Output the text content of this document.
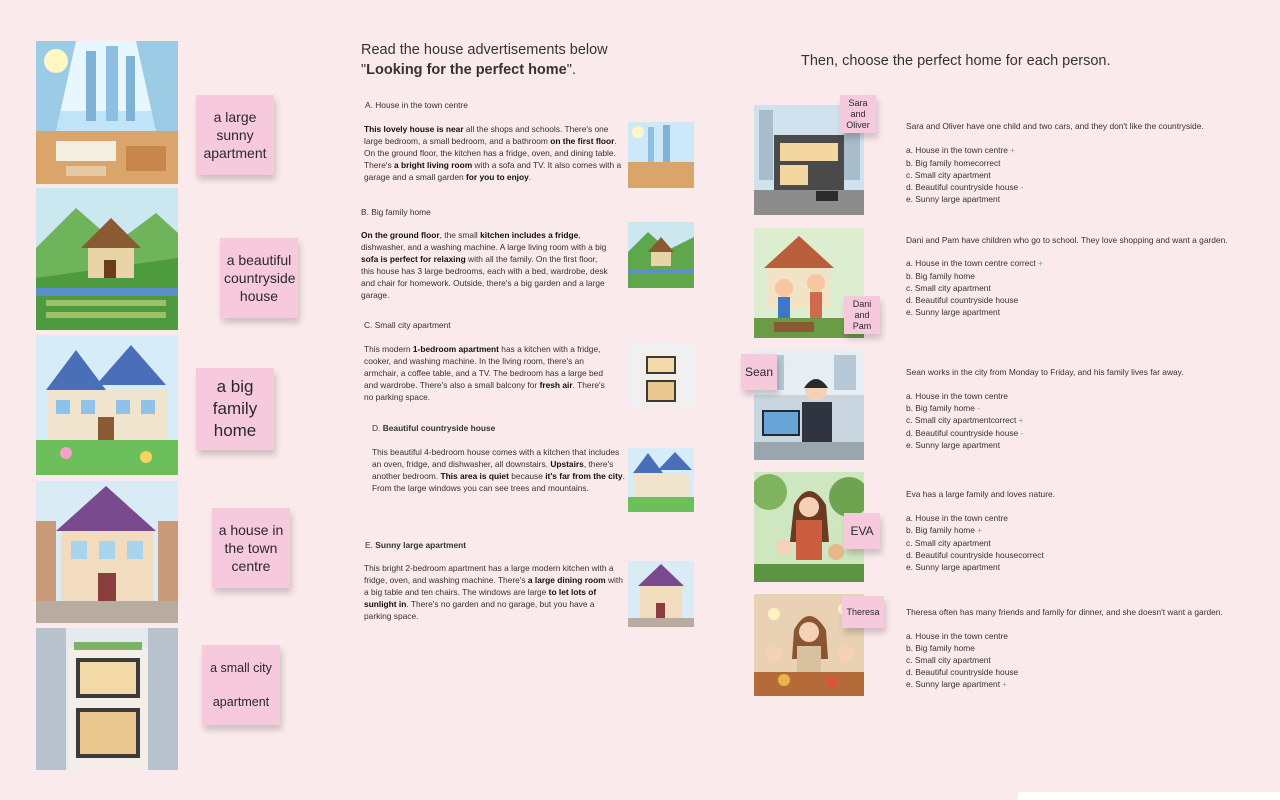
a large sunny apartment
a beautiful countryside house
a big family home
a house in the town centre
a small city
apartment
Read the house advertisements below
"Looking for the perfect home".
A. House in the town centre
This lovely house is near all the shops and schools. There's one large bedroom, a small bedroom, and a bathroom on the first floor. On the ground floor, the kitchen has a fridge, oven, and dining table. There's a bright living room with a sofa and TV. It also comes with a garage and a small garden for you to enjoy.
B. Big family home
On the ground floor, the small kitchen includes a fridge, dishwasher, and a washing machine. A large living room with a big sofa is perfect for relaxing with all the family. On the first floor, this house has 3 large bedrooms, each with a bed, wardrobe, desk and chair for homework. Outside, there's a big garden and a large garage.
C. Small city apartment
This modern 1-bedroom apartment has a kitchen with a fridge, cooker, and washing machine. In the living room, there's an armchair, a coffee table, and a TV. The bedroom has a large bed and wardrobe. There's also a small balcony for fresh air. There's no parking space.
D. Beautiful countryside house
This beautiful 4-bedroom house comes with a kitchen that includes an oven, fridge, and dishwasher, all downstairs. Upstairs, there's another bedroom. This area is quiet because it's far from the city. From the large windows you can see trees and mountains.
E. Sunny large apartment
This bright 2-bedroom apartment has a large modern kitchen with a fridge, oven, and washing machine. There's a large dining room with a big table and ten chairs. The windows are large to let lots of sunlight in. There's no garden and no garage, but you have a parking space.
Then, choose the perfect home for each person.
Sara and Oliver	Sara and Oliver have one child and two cars, and they don't like the countryside.
a. House in the town centre +
b. Big family homecorrect
c. Small city apartment
d. Beautiful countryside house -
e. Sunny large apartment
Dani and Pam
Dani and Pam have children who go to school. They love shopping and want a garden.
a. House in the town centre correct +
b. Big family home
c. Small city apartment
d. Beautiful countryside house
e. Sunny large apartment
Sean	Sean works in the city from Monday to Friday, and his family lives far away.
a. House in the town centre
b. Big family home -
c. Small city apartmentcorrect +
d. Beautiful countryside house -
e. Sunny large apartment
EVA
Eva has a large family and loves nature.
a. House in the town centre
b. Big family home +
c. Small city apartment
d. Beautiful countryside housecorrect
e. Sunny large apartment
Theresa	Theresa often has many friends and family for dinner, and she doesn't want a garden.
a. House in the town centre
b. Big family home
c. Small city apartment
d. Beautiful countryside house
e. Sunny large apartment +
